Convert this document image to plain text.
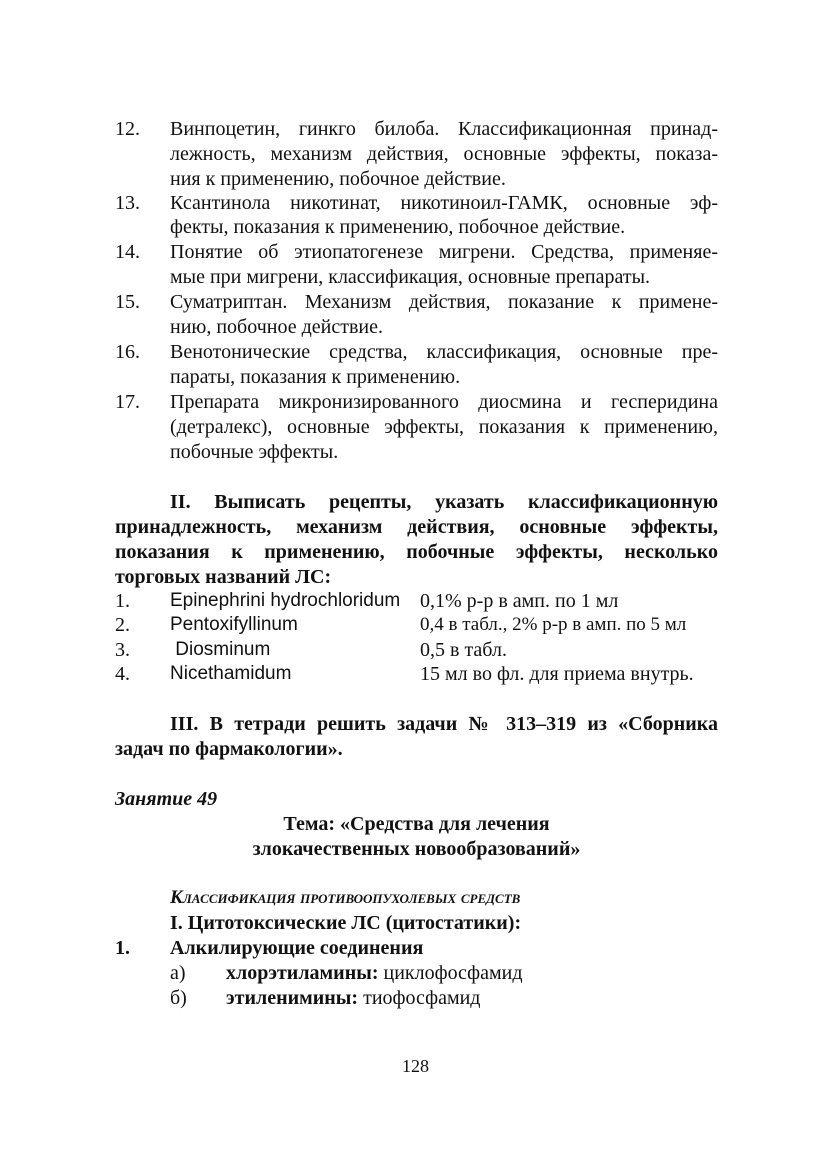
12. Винпоцетин, гинкго билоба. Классификационная принад-
лежность, механизм действия, основные эффекты, показа-
ния к применению, побочное действие.
13. Ксантинола никотинат, никотиноил-ГАМК, основные эф-
фекты, показания к применению, побочное действие.
14. Понятие об этиопатогенезе мигрени. Средства, применяе-
мые при мигрени, классификация, основные препараты.
15. Суматриптан. Механизм действия, показание к примене-
нию, побочное действие.
16. Венотонические средства, классификация, основные пре-
параты, показания к применению.
17. Препарата микронизированного диосмина и гесперидина
(детралекс), основные эффекты, показания к применению,
побочные эффекты.
II. Выписать рецепты, указать классификационную
принадлежность, механизм действия, основные эффекты,
показания к применению, побочные эффекты, несколько
торговых названий ЛС:
1. Epinephrini hydrochloridum 0,1% р-р в амп. по 1 мл
2. Pentoxifyllinum	0,4 в табл., 2% р-р в амп. по 5 мл
3. Diosminum	0,5 в табл.
4. Nicethamidum	15 мл во фл. для приема внутрь.
III. В тетради решить задачи № 313–319 из «Сборника
задач по фармакологии».
Занятие 49
Тема: «Средства для лечения
злокачественных новообразований»
Классификация противоопухолевых средств
I. Цитотоксические ЛС (цитостатики):
1. Алкилирующие соединения
а) хлорэтиламины: циклофосфамид
б) этиленимины: тиофосфамид
128
